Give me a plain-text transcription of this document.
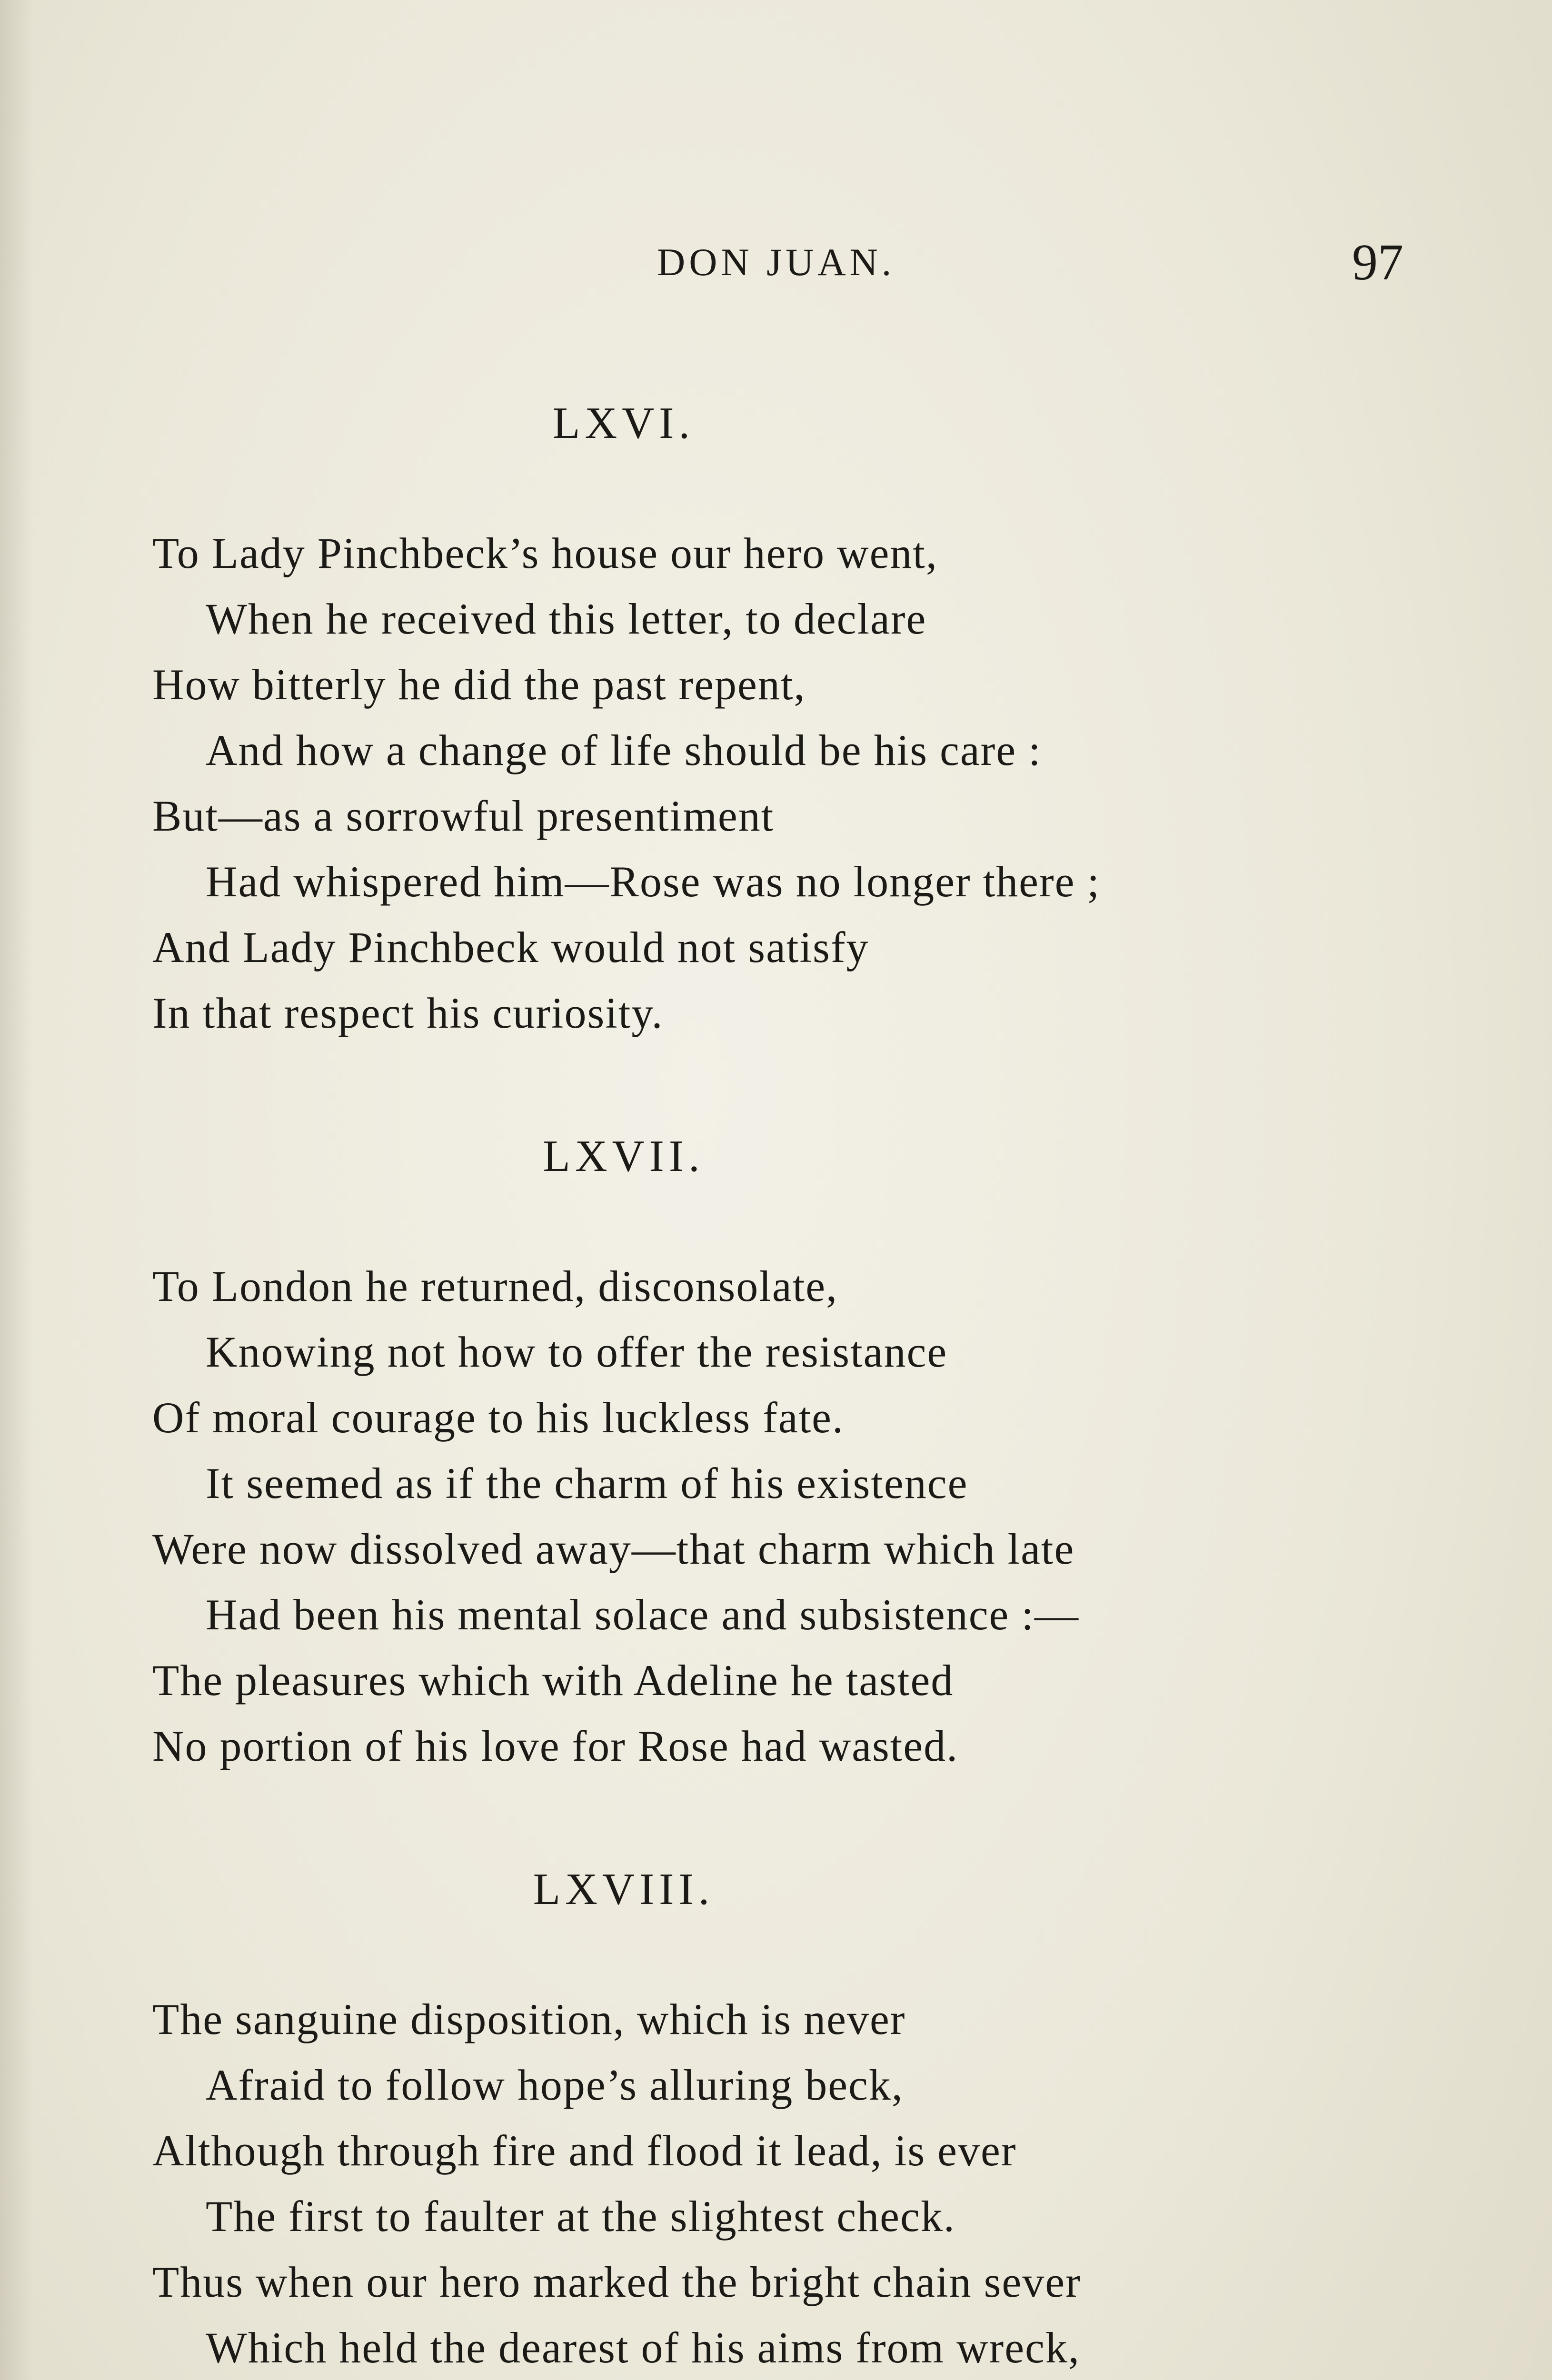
DON JUAN.	97
LXVI.
To Lady Pinchbeck’s house our hero went,
When he received this letter, to declare
How bitterly he did the past repent,
And how a change of life should be his care :
But—as a sorrowful presentiment
Had whispered him—Rose was no longer there ;
And Lady Pinchbeck would not satisfy
In that respect his curiosity.
LXVII.
To London he returned, disconsolate,
Knowing not how to offer the resistance
Of moral courage to his luckless fate.
It seemed as if the charm of his existence
Were now dissolved away—that charm which late
Had been his mental solace and subsistence :—
The pleasures which with Adeline he tasted
No portion of his love for Rose had wasted.
LXVIII.
The sanguine disposition, which is never
Afraid to follow hope’s alluring beck,
Although through fire and flood it lead, is ever
The first to faulter at the slightest check.
Thus when our hero marked the bright chain sever
Which held the dearest of his aims from wreck,
